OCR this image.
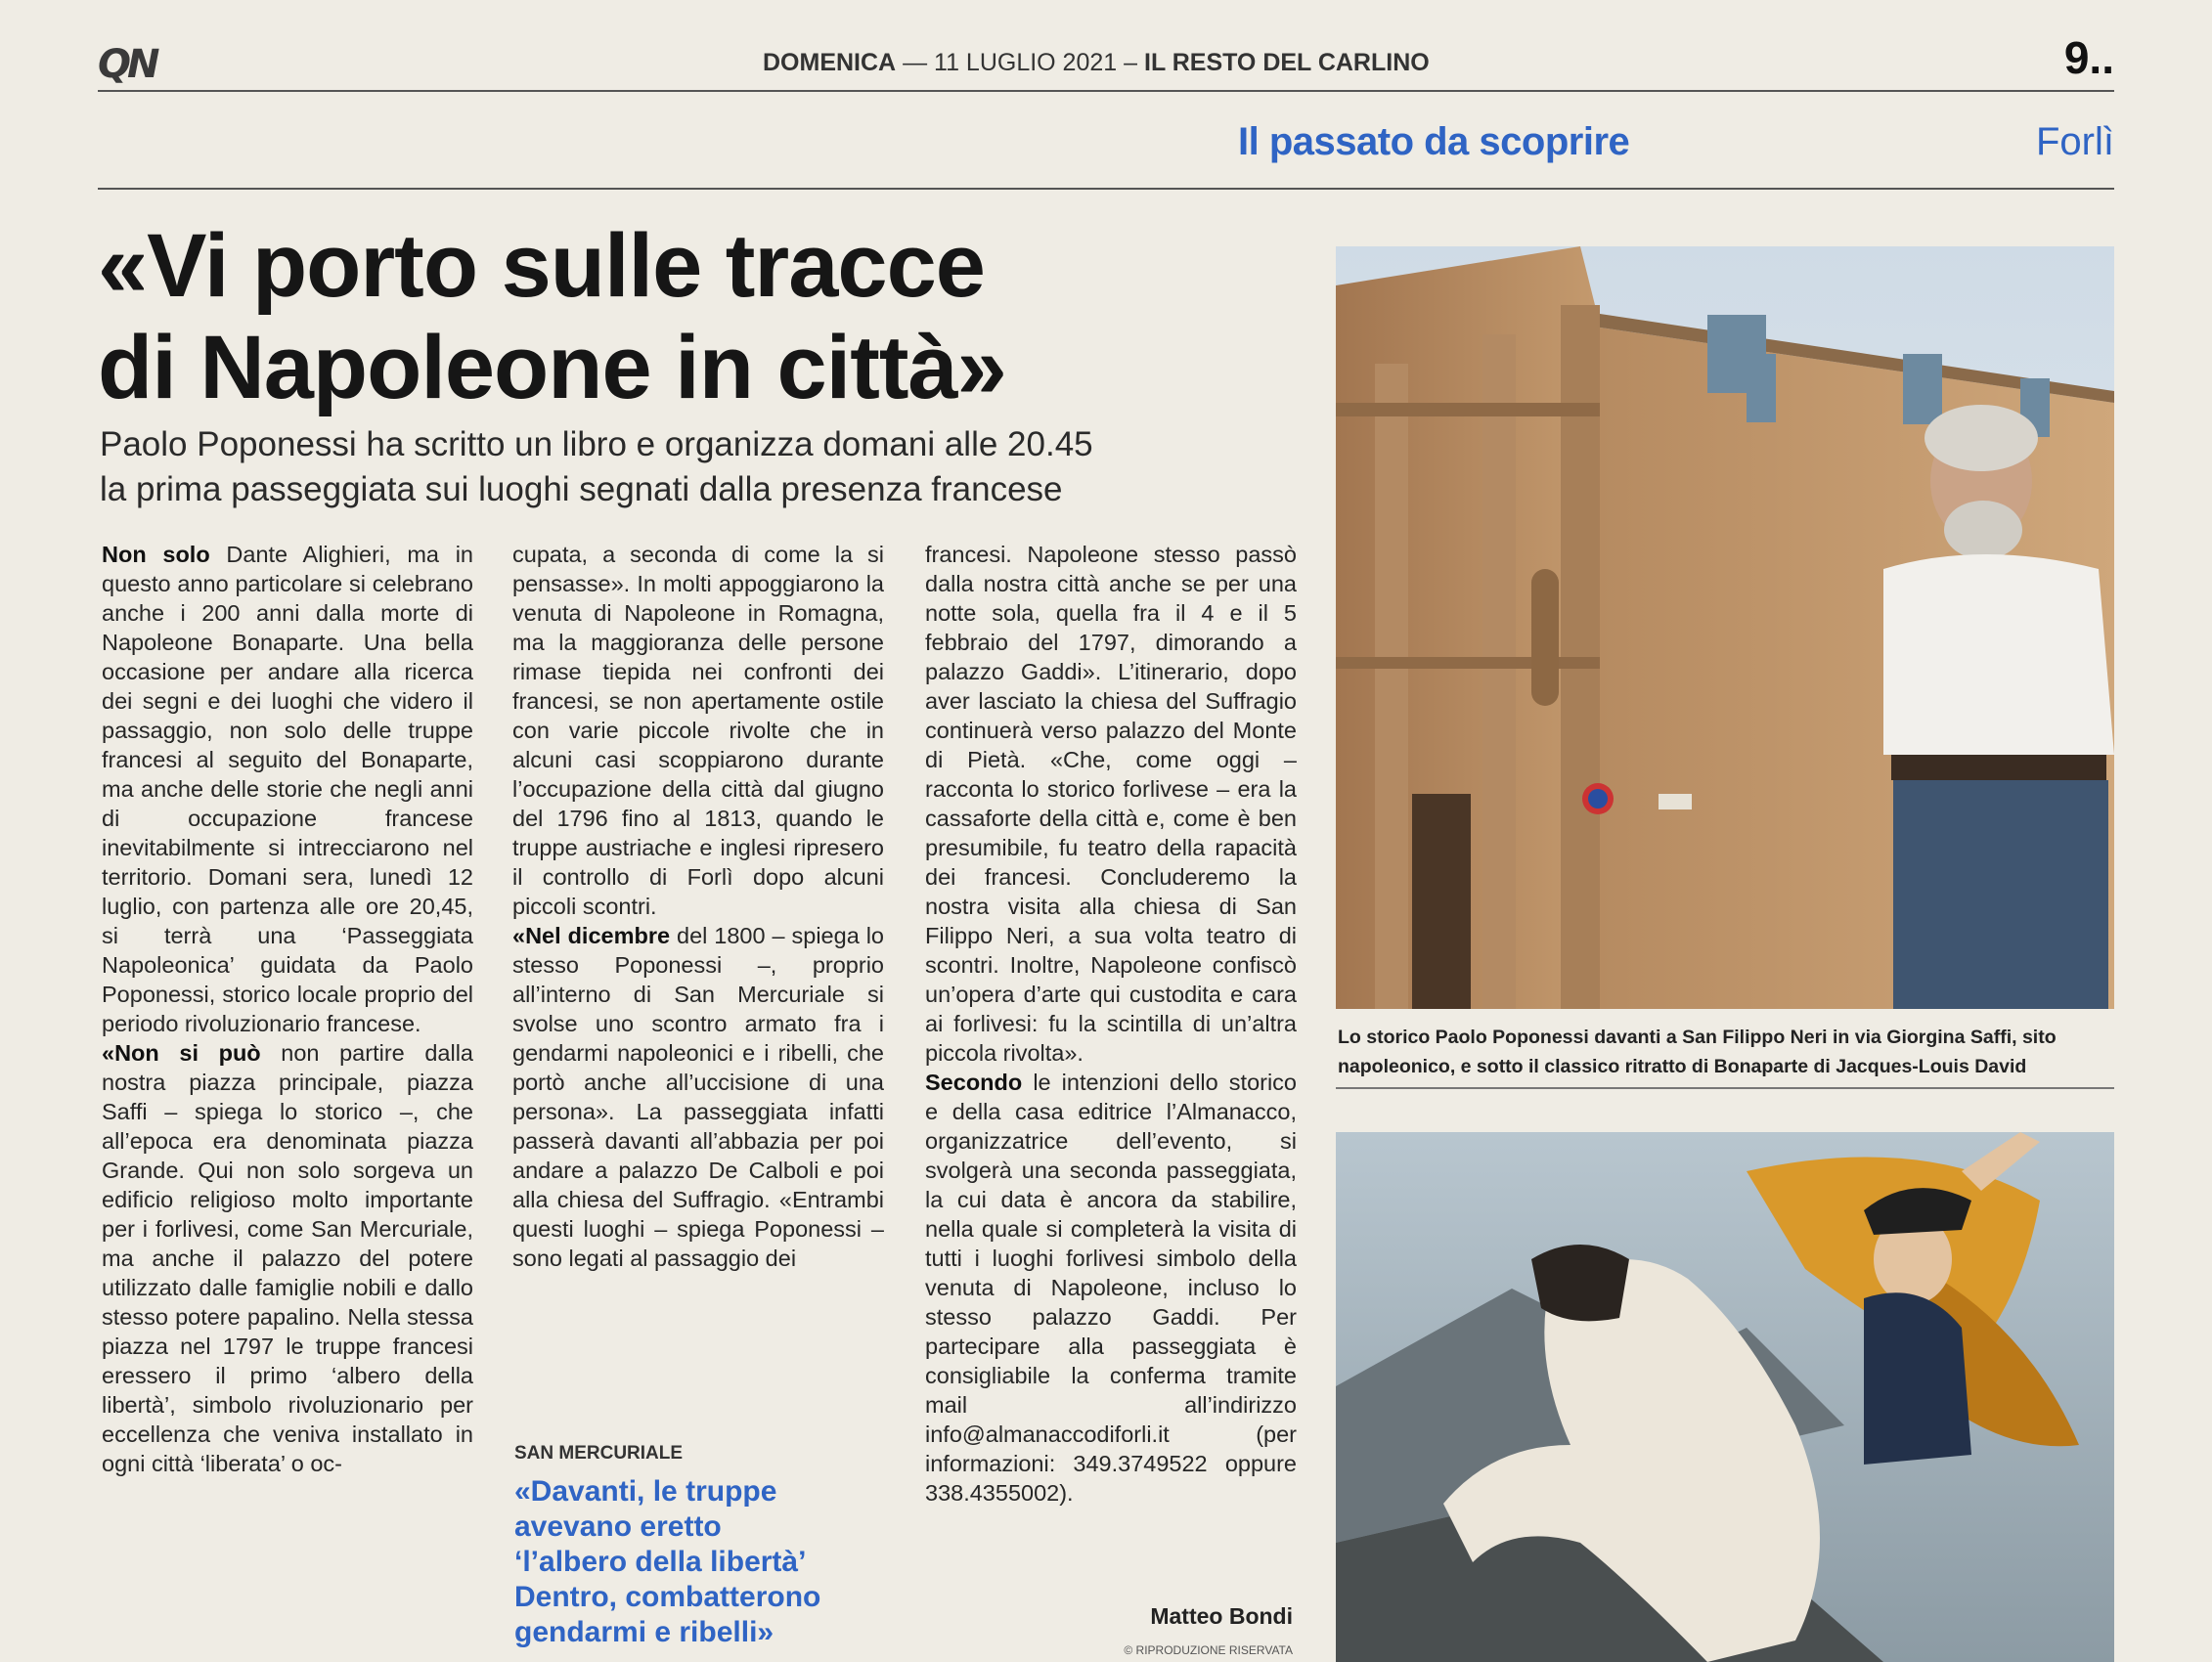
QN	DOMENICA — 11 LUGLIO 2021 – IL RESTO DEL CARLINO	9..
Il passato da scoprire	Forlì
«Vi porto sulle tracce
di Napoleone in città»
Paolo Poponessi ha scritto un libro e organizza domani alle 20.45
la prima passeggiata sui luoghi segnati dalla presenza francese

Non solo Dante Alighieri, ma in questo anno particolare si celebrano anche i 200 anni dalla morte di Napoleone Bonaparte. Una bella occasione per andare alla ricerca dei segni e dei luoghi che videro il passaggio, non solo delle truppe francesi al seguito del Bonaparte, ma anche delle storie che negli anni di occupazione francese inevitabilmente si intrecciarono nel territorio. Domani sera, lunedì 12 luglio, con partenza alle ore 20,45, si terrà una ‘Passeggiata Napoleonica’ guidata da Paolo Poponessi, storico locale proprio del periodo rivoluzionario francese.

«Non si può non partire dalla nostra piazza principale, piazza Saffi – spiega lo storico –, che all’epoca era denominata piazza Grande. Qui non solo sorgeva un edificio religioso molto importante per i forlivesi, come San Mercuriale, ma anche il palazzo del potere utilizzato dalle famiglie nobili e dallo stesso potere papalino. Nella stessa piazza nel 1797 le truppe francesi eressero il primo ‘albero della libertà’, simbolo rivoluzionario per eccellenza che veniva installato in ogni città ‘liberata’ o oc-

cupata, a seconda di come la si pensasse». In molti appoggiarono la venuta di Napoleone in Romagna, ma la maggioranza delle persone rimase tiepida nei confronti dei francesi, se non apertamente ostile con varie piccole rivolte che in alcuni casi scoppiarono durante l’occupazione della città dal giugno del 1796 fino al 1813, quando le truppe austriache e inglesi ripresero il controllo di Forlì dopo alcuni piccoli scontri.

«Nel dicembre del 1800 – spiega lo stesso Poponessi –, proprio all’interno di San Mercuriale si svolse uno scontro armato fra i gendarmi napoleonici e i ribelli, che portò anche all’uccisione di una persona». La passeggiata infatti passerà davanti all’abbazia per poi andare a palazzo De Calboli e poi alla chiesa del Suffragio. «Entrambi questi luoghi – spiega Poponessi – sono legati al passaggio dei

SAN MERCURIALE
«Davanti, le truppe
avevano eretto
‘l’albero della libertà’
Dentro, combatterono
gendarmi e ribelli»

francesi. Napoleone stesso passò dalla nostra città anche se per una notte sola, quella fra il 4 e il 5 febbraio del 1797, dimorando a palazzo Gaddi». L’itinerario, dopo aver lasciato la chiesa del Suffragio continuerà verso palazzo del Monte di Pietà. «Che, come oggi – racconta lo storico forlivese – era la cassaforte della città e, come è ben presumibile, fu teatro della rapacità dei francesi. Concluderemo la nostra visita alla chiesa di San Filippo Neri, a sua volta teatro di scontri. Inoltre, Napoleone confiscò un’opera d’arte qui custodita e cara ai forlivesi: fu la scintilla di un’altra piccola rivolta».

Secondo le intenzioni dello storico e della casa editrice l’Almanacco, organizzatrice dell’evento, si svolgerà una seconda passeggiata, la cui data è ancora da stabilire, nella quale si completerà la visita di tutti i luoghi forlivesi simbolo della venuta di Napoleone, incluso lo stesso palazzo Gaddi. Per partecipare alla passeggiata è consigliabile la conferma tramite mail all’indirizzo info@almanaccodiforli.it (per informazioni: 349.3749522 oppure 338.4355002).

Matteo Bondi
© RIPRODUZIONE RISERVATA
Lo storico Paolo Poponessi davanti a San Filippo Neri in via Giorgina Saffi, sito
napoleonico, e sotto il classico ritratto di Bonaparte di Jacques-Louis David
